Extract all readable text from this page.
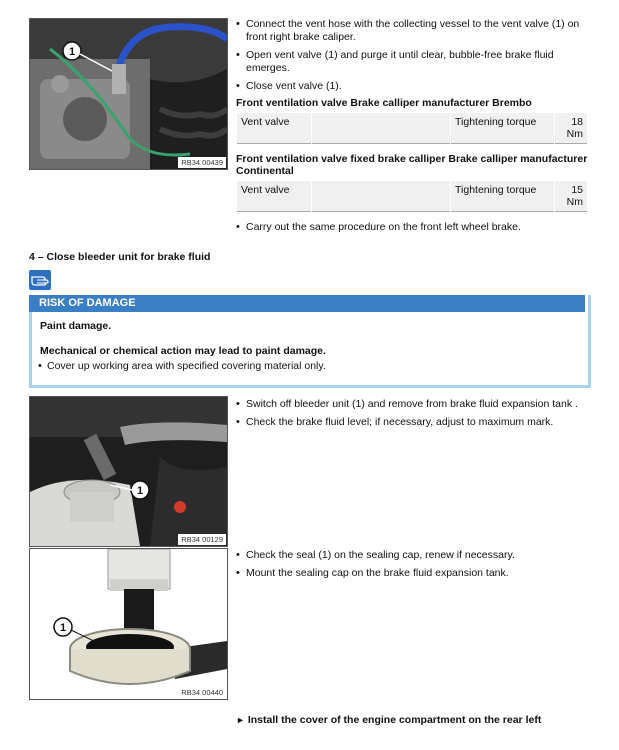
1
RB34 00439
• Connect the vent hose with the collecting vessel to the vent valve (1) on front right brake caliper.
• Open vent valve (1) and purge it until clear, bubble-free brake fluid emerges.
• Close vent valve (1).
Front ventilation valve Brake calliper manufacturer Brembo
Vent valve		Tightening torque	18 Nm
Front ventilation valve fixed brake calliper Brake calliper manufacturer Continental
Vent valve		Tightening torque	15 Nm
• Carry out the same procedure on the front left wheel brake.
4 – Close bleeder unit for brake fluid
RISK OF DAMAGE
Paint damage.
Mechanical or chemical action may lead to paint damage.
• Cover up working area with specified covering material only.
1
RB34 00129
• Switch off bleeder unit (1) and remove from brake fluid expansion tank .
• Check the brake fluid level; if necessary, adjust to maximum mark.
1
RB34 00440
• Check the seal (1) on the sealing cap, renew if necessary.
• Mount the sealing cap on the brake fluid expansion tank.
► Install the cover of the engine compartment on the rear left
